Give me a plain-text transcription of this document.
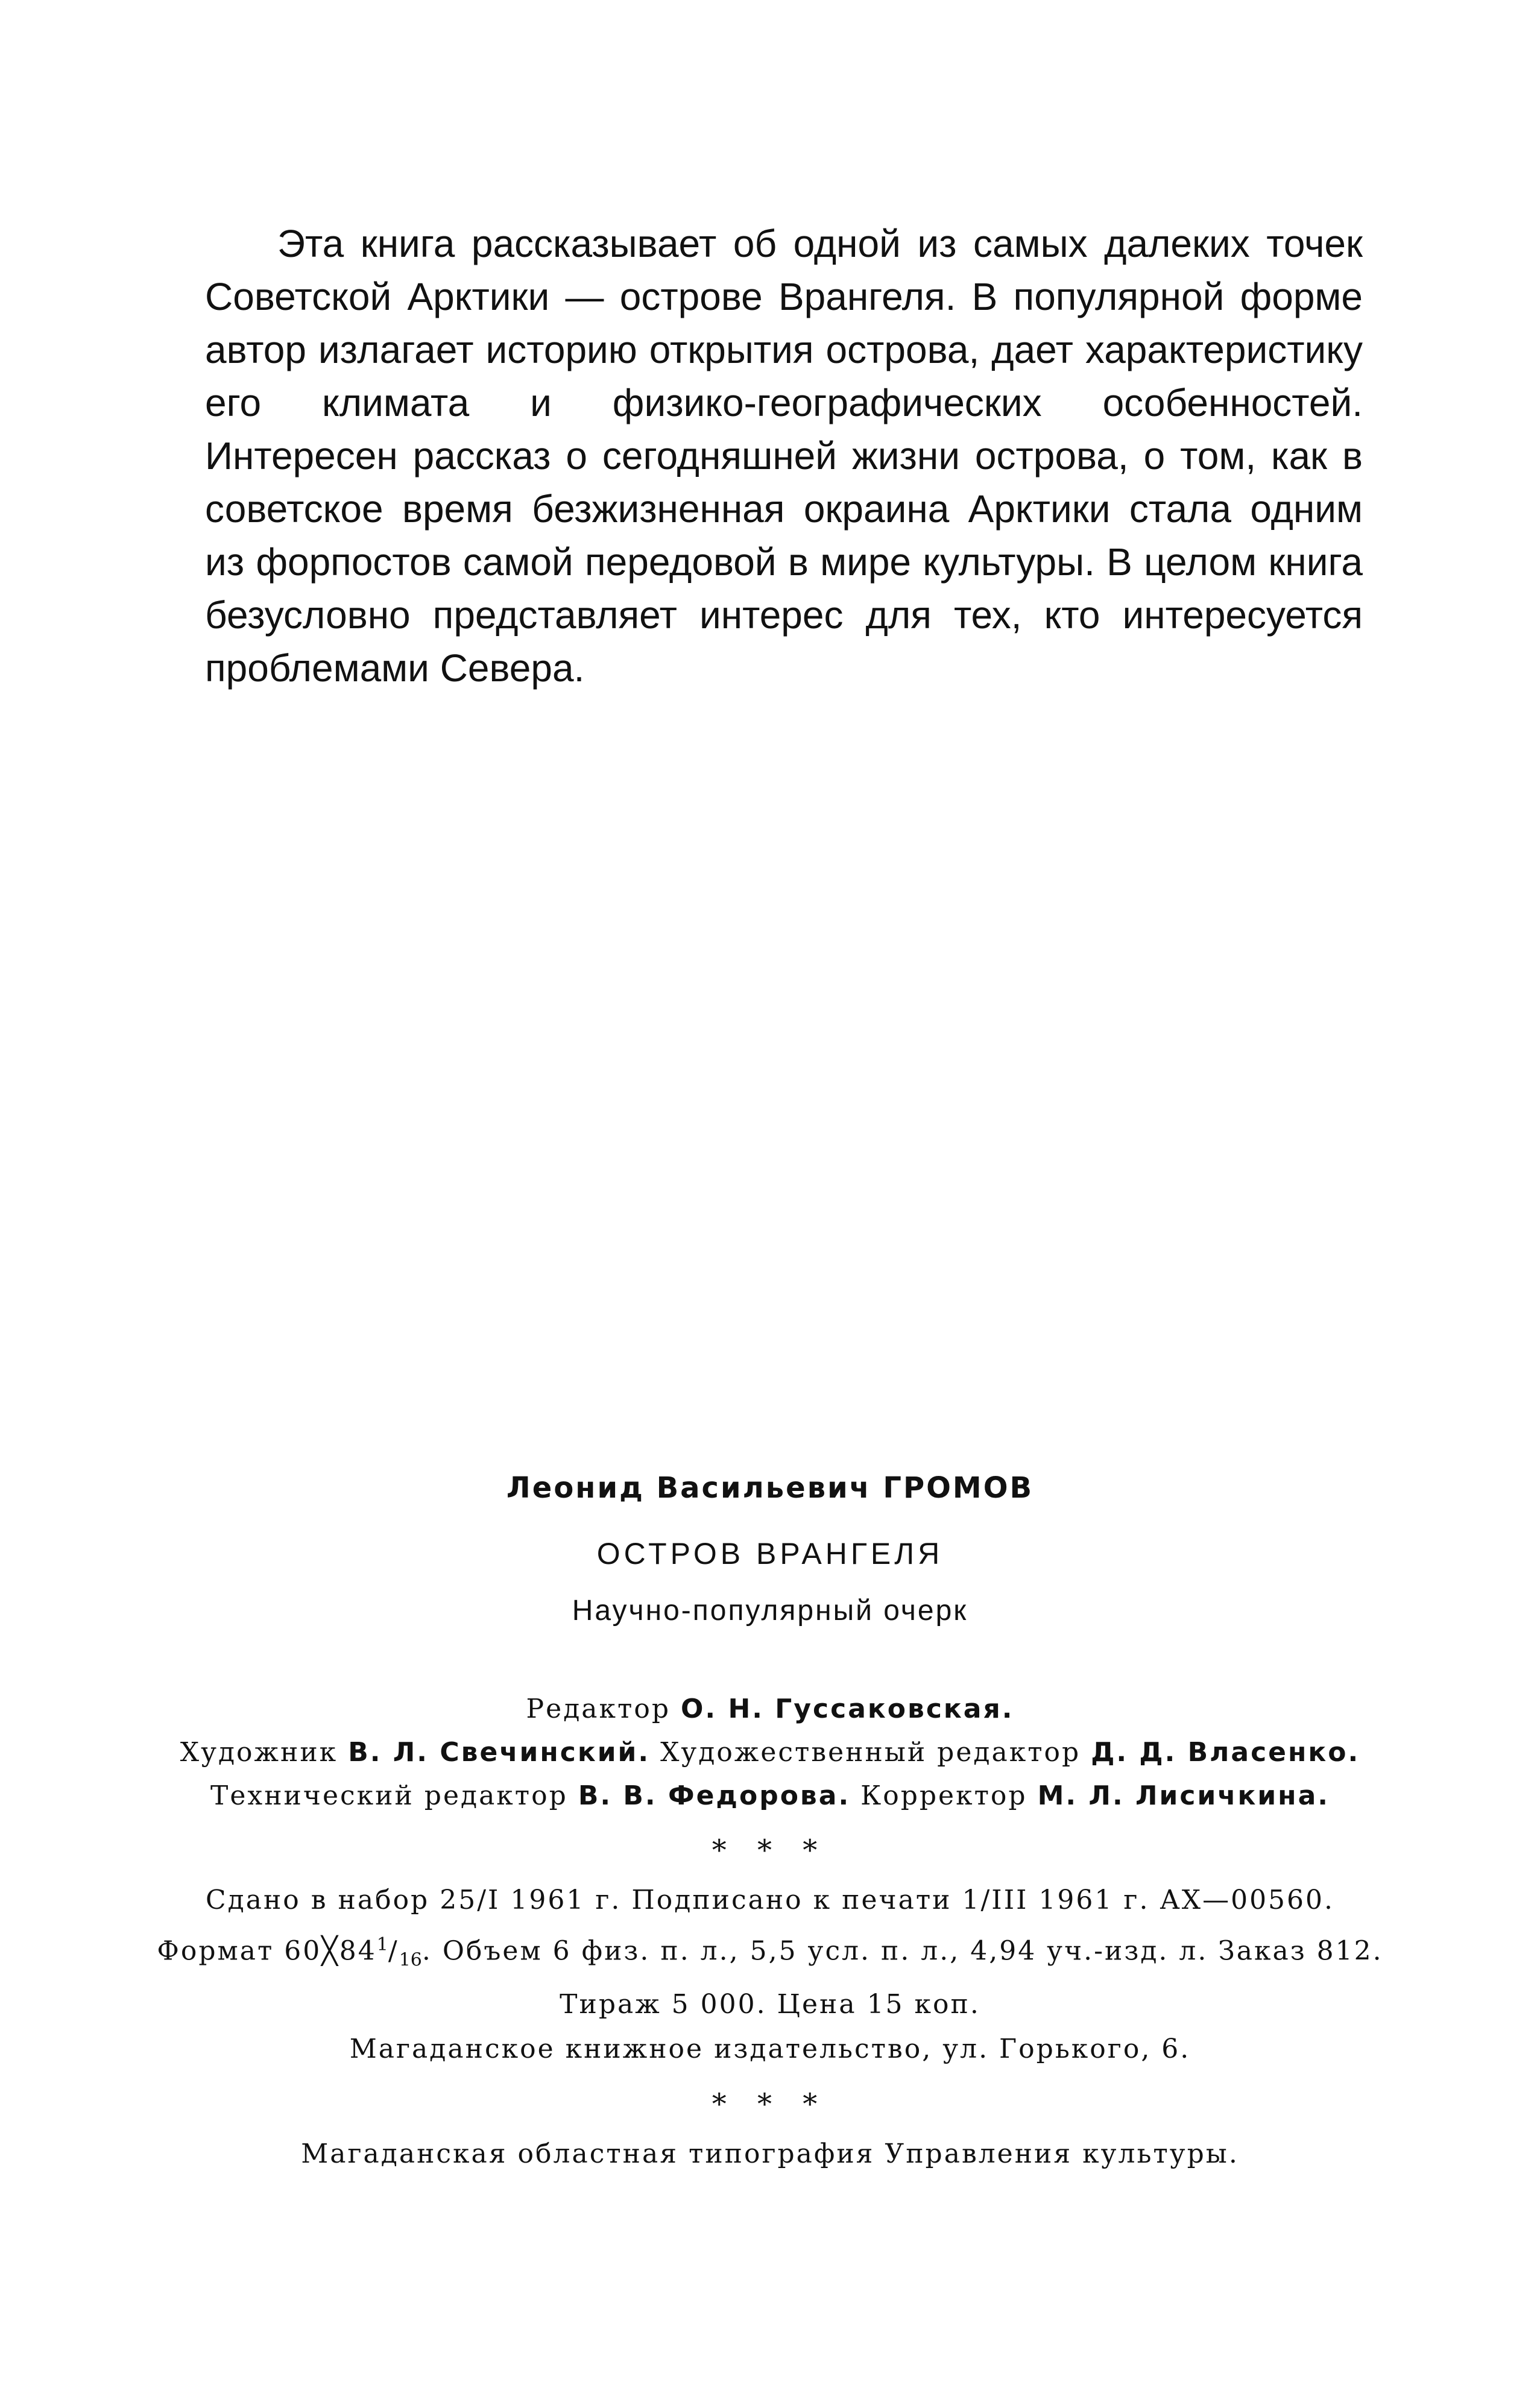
Эта книга рассказывает об одной из самых далеких точек Советской Арктики — острове Врангеля. В популярной форме автор излагает историю открытия острова, дает характеристику его климата и физико-географических особенностей. Интересен рассказ о сегодняшней жизни острова, о том, как в советское время безжизненная окраина Арктики стала одним из форпостов самой передовой в мире культуры. В целом книга безусловно представляет интерес для тех, кто интересуется проблемами Севера.
Леонид Васильевич ГРОМОВ
ОСТРОВ ВРАНГЕЛЯ
Научно-популярный очерк
Редактор О. Н. Гуссаковская.
Художник В. Л. Свечинский. Художественный редактор Д. Д. Власенко.
Технический редактор В. В. Федорова. Корректор М. Л. Лисичкина.
* * *
Сдано в набор 25/I 1961 г. Подписано к печати 1/III 1961 г. АХ—00560.
Формат $60╳84^1/_{16}$. Объем 6 физ. п. л., 5,5 усл. п. л., 4,94 уч.-изд. л. Заказ 812.
Тираж 5 000. Цена 15 коп.
Магаданское книжное издательство, ул. Горького, 6.
* * *
Магаданская областная типография Управления культуры.
